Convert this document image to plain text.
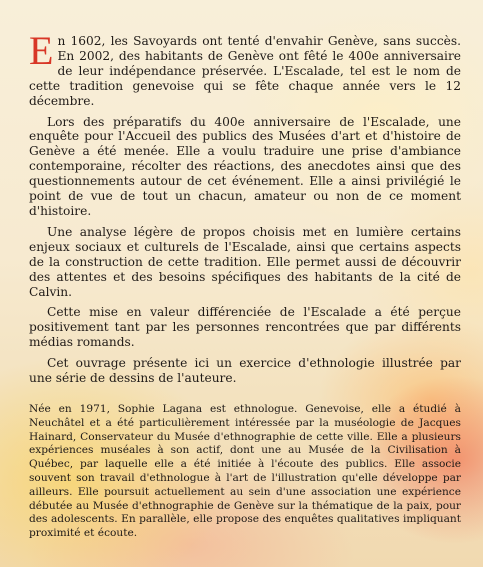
En 1602, les Savoyards ont tenté d'envahir Genève, sans succès. En 2002, des habitants de Genève ont fêté le 400e anniversaire de leur indépendance préservée. L'Escalade, tel est le nom de cette tradition genevoise qui se fête chaque année vers le 12 décembre.

Lors des préparatifs du 400e anniversaire de l'Escalade, une enquête pour l'Accueil des publics des Musées d'art et d'histoire de Genève a été menée. Elle a voulu traduire une prise d'ambiance contemporaine, récolter des réactions, des anecdotes ainsi que des questionnements autour de cet événement. Elle a ainsi privilégié le point de vue de tout un chacun, amateur ou non de ce moment d'histoire.

Une analyse légère de propos choisis met en lumière certains enjeux sociaux et culturels de l'Escalade, ainsi que certains aspects de la construction de cette tradition. Elle permet aussi de découvrir des attentes et des besoins spécifiques des habitants de la cité de Calvin.

Cette mise en valeur différenciée de l'Escalade a été perçue positivement tant par les personnes rencontrées que par différents médias romands.

Cet ouvrage présente ici un exercice d'ethnologie illustrée par une série de dessins de l'auteure.

Née en 1971, Sophie Lagana est ethnologue. Genevoise, elle a étudié à Neuchâtel et a été particulièrement intéressée par la muséologie de Jacques Hainard, Conservateur du Musée d'ethnographie de cette ville. Elle a plusieurs expériences muséales à son actif, dont une au Musée de la Civilisation à Québec, par laquelle elle a été initiée à l'écoute des publics. Elle associe souvent son travail d'ethnologue à l'art de l'illustration qu'elle développe par ailleurs. Elle poursuit actuellement au sein d'une association une expérience débutée au Musée d'ethnographie de Genève sur la thématique de la paix, pour des adolescents. En parallèle, elle propose des enquêtes qualitatives impliquant proximité et écoute.
